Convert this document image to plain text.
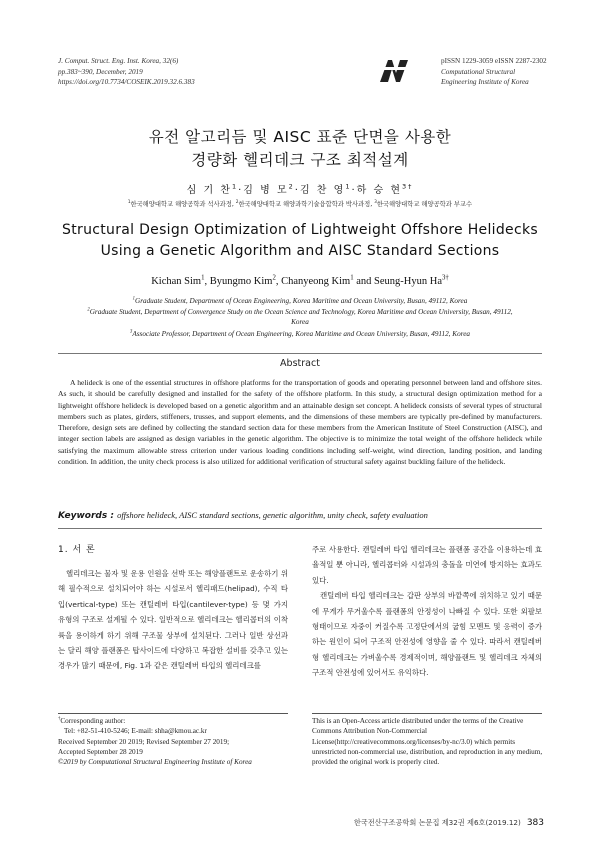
J. Comput. Struct. Eng. Inst. Korea, 32(6)
pp.383~390, December, 2019
https://doi.org/10.7734/COSEIK.2019.32.6.383
pISSN 1229-3059 eISSN 2287-2302
Computational Structural
Engineering Institute of Korea
유전 알고리듬 및 AISC 표준 단면을 사용한
경량화 헬리데크 구조 최적설계
심 기 찬$^1$·김 병 모$^2$·김 찬 영$^1$·하 승 현$^{3\dagger}$
$^1$한국해양대학교 해양공학과 석사과정, $^2$한국해양대학교 해양과학기술융합학과 박사과정, $^3$한국해양대학교 해양공학과 부교수
Structural Design Optimization of Lightweight Offshore Helidecks
Using a Genetic Algorithm and AISC Standard Sections
Kichan Sim$^1$, Byungmo Kim$^2$, Chanyeong Kim$^1$ and Seung-Hyun $Ha^{3\dagger}$
$^1$Graduate Student, Department of Ocean Engineering, Korea Maritime and Ocean University, Busan, 49112, Korea
$^2$Graduate Student, Department of Convergence Study on the Ocean Science and Technology, Korea Maritime and Ocean University, Busan, 49112, Korea
$^3$Associate Professor, Department of Ocean Engineering, Korea Maritime and Ocean University, Busan, 49112, Korea
Abstract
A helideck is one of the essential structures in offshore platforms for the transportation of goods and operating personnel between land and offshore sites. As such, it should be carefully designed and installed for the safety of the offshore platform. In this study, a structural design optimization method for a lightweight offshore helideck is developed based on a genetic algorithm and an attainable design set concept. A helideck consists of several types of structural members such as plates, girders, stiffeners, trusses, and support elements, and the dimensions of these members are typically pre-defined by manufacturers. Therefore, design sets are defined by collecting the standard section data for these members from the American Institute of Steel Construction (AISC), and integer section labels are assigned as design variables in the genetic algorithm. The objective is to minimize the total weight of the offshore helideck while satisfying the maximum allowable stress criterion under various loading conditions including self-weight, wind direction, landing position, and landing condition. In addition, the unity check process is also utilized for additional verification of structural safety against buckling failure of the helideck.
Keywords : offshore helideck, AISC standard sections, genetic algorithm, unity check, safety evaluation
1. 서 론

헬리데크는 물자 및 운용 인원을 선박 또는 해양플랜트로 운송하기 위해 필수적으로 설치되어야 하는 시설로서 헬리패드(helipad), 수직 타입(vertical-type) 또는 캔틸레버 타입(cantilever-type) 등 몇 가지 유형의 구조로 설계될 수 있다. 일반적으로 헬리데크는 헬리콥터의 이착륙을 용이하게 하기 위해 구조물 상부에 설치된다. 그러나 일반 상선과는 달리 해양 플랜폼은 탑사이드에 다양하고 복잡한 설비를 갖추고 있는 경우가 많기 때문에, Fig. 1과 같은 캔틸레버 타입의 헬리데크를

주로 사용한다. 캔틸레버 타입 헬리데크는 플랜폼 공간을 이용하는데 효율적일 뿐 아니라, 헬리콥터와 시설과의 충돌을 미연에 방지하는 효과도 있다.

캔틸레버 타입 헬리데크는 갑판 상부의 바깥쪽에 위치하고 있기 때문에 무게가 무거울수록 플랜폼의 안정성이 나빠질 수 있다. 또한 외팔보 형태이므로 자중이 커질수록 고정단에서의 굽힘 모멘트 및 응력이 증가하는 원인이 되어 구조적 안전성에 영향을 줄 수 있다. 따라서 캔틸레버형 헬리데크는 가벼울수록 경제적이며, 해양플랜트 및 헬리데크 자체의 구조적 안전성에 있어서도 유익하다.

†Corresponding author:
Tel: +82-51-410-5246; E-mail: shha@kmou.ac.kr
Received September 20 2019; Revised September 27 2019;
Accepted September 28 2019
©2019 by Computational Structural Engineering Institute of Korea
This is an Open-Access article distributed under the terms of the Creative Commons Attribution Non-Commercial License(http://creativecommons.org/licenses/by-nc/3.0) which permits unrestricted non-commercial use, distribution, and reproduction in any medium, provided the original work is properly cited.
한국전산구조공학회 논문집 제32권 제6호(2019.12) 383
